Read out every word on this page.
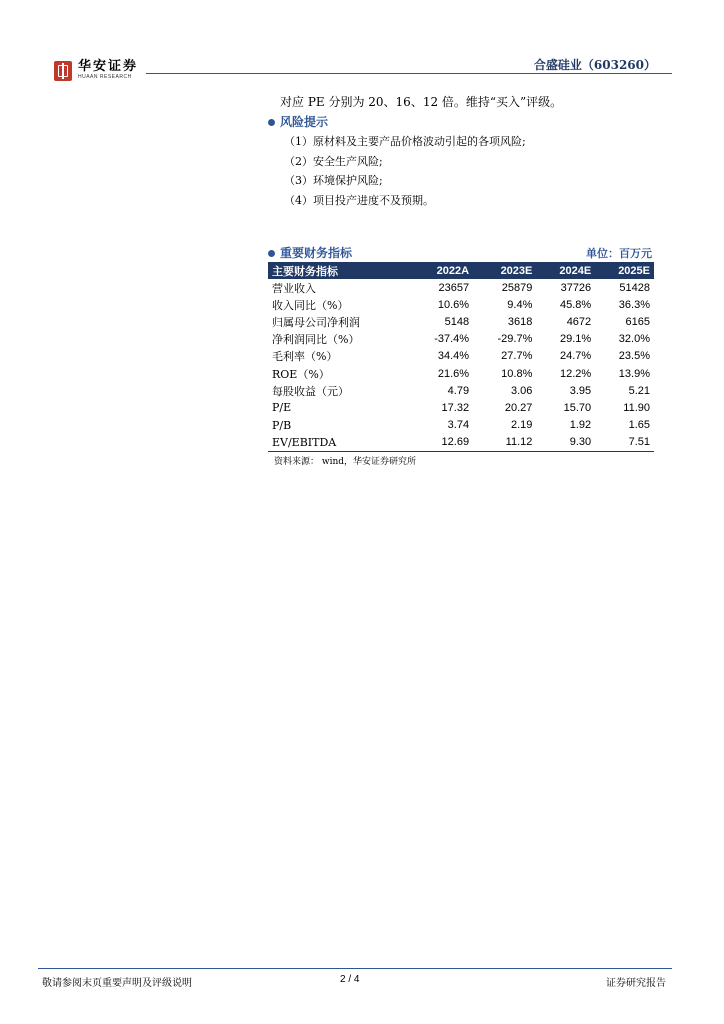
华安证券
HUAAN RESEARCH
合盛硅业（603260）
对应 PE 分别为 20、16、12 倍。维持“买入”评级。
风险提示
（1）原材料及主要产品价格波动引起的各项风险;
（2）安全生产风险;
（3）环境保护风险;
（4）项目投产进度不及预期。
重要财务指标	单位：百万元
主要财务指标	2022A	2023E	2024E	2025E
营业收入	23657	25879	37726	51428
收入同比（%）	10.6%	9.4%	45.8%	36.3%
归属母公司净利润	5148	3618	4672	6165
净利润同比（%）	-37.4%	-29.7%	29.1%	32.0%
毛利率（%）	34.4%	27.7%	24.7%	23.5%
ROE（%）	21.6%	10.8%	12.2%	13.9%
每股收益（元）	4.79	3.06	3.95	5.21
P/E	17.32	20.27	15.70	11.90
P/B	3.74	2.19	1.92	1.65
EV/EBITDA	12.69	11.12	9.30	7.51
资料来源： wind，华安证券研究所
敬请参阅末页重要声明及评级说明	2 / 4	证券研究报告
